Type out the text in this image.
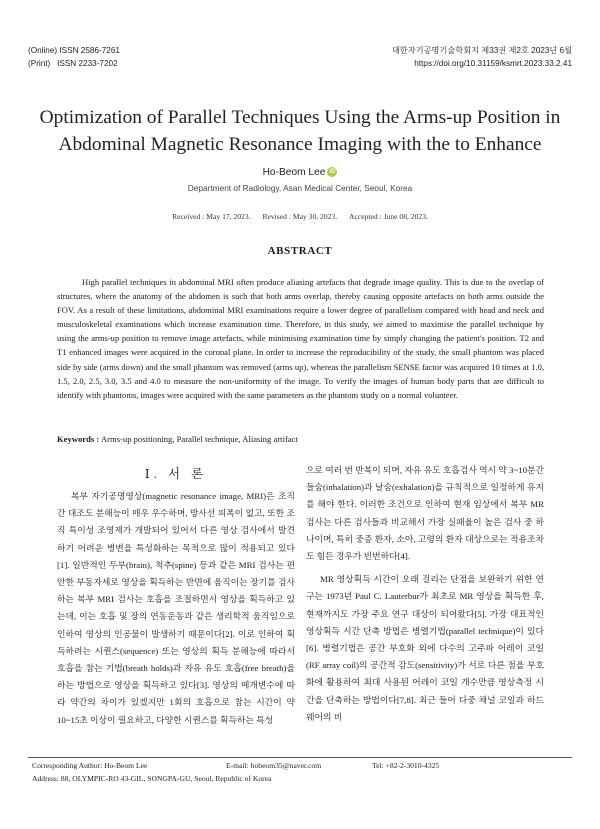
(Online) ISSN 2586-7261
(Print)   ISSN 2233-7202
대한자기공명기술학회지 제33권 제2호 2023년 6월
https://doi.org/10.31159/ksmrt.2023.33.2.41
Optimization of Parallel Techniques Using the Arms-up Position in
Abdominal Magnetic Resonance Imaging with the to Enhance
Ho-Beom Lee iD
Department of Radiology, Asan Medical Center, Seoul, Korea
Received : May 17, 2023. Revised : May 30, 2023. Accepted : June 08, 2023.
ABSTRACT

High parallel techniques in abdominal MRI often produce aliasing artefacts that degrade image quality. This is due to the overlap of structures, where the anatomy of the abdomen is such that both arms overlap, thereby causing opposite artefacts on both arms outside the FOV. As a result of these limitations, abdominal MRI examinations require a lower degree of parallelism compared with head and neck and musculoskeletal examinations which increase examination time. Therefore, in this study, we aimed to maximise the parallel technique by using the arms-up position to remove image artefacts, while minimising examination time by simply changing the patient's position. T2 and T1 enhanced images were acquired in the coronal plane. In order to increase the reproducibility of the study, the small phantom was placed side by side (arms down) and the small phantom was removed (arms up), whereas the parallelism SENSE factor was acquired 10 times at 1.0, 1.5, 2.0, 2.5, 3.0, 3.5 and 4.0 to measure the non-uniformity of the image. To verify the images of human body parts that are difficult to identify with phantoms, images were acquired with the same parameters as the phantom study on a normal volunteer.

Keywords : Arms-up positioning, Parallel technique, Aliasing artifact
Ⅰ. 서 론

복부 자기공명영상(magnetic resonance image, MRI)은 조직 간 대조도 분해능이 매우 우수하며, 방사선 피폭이 없고, 또한 조직 특이성 조영제가 개발되어 있어서 다른 영상 검사에서 발견하기 어려운 병변을 특성화하는 목적으로 많이 적용되고 있다[1]. 일반적인 두부(brain), 척추(spine) 등과 같은 MRI 검사는 편안한 부동자세로 영상을 획득하는 반면에 움직이는 장기를 검사하는 복부 MRI 검사는 호흡을 조절하면서 영상을 획득하고 있는데, 이는 호흡 및 장의 연동운동과 같은 생리학적 움직임으로 인하여 영상의 인공물이 발생하기 때문이다[2]. 이로 인하여 획득하려는 시퀀스(sequence) 또는 영상의 획득 분해능에 따라서 호흡을 참는 기법(breath holds)과 자유 유도 호흡(free breath)을 하는 방법으로 영상을 획득하고 있다[3]. 영상의 메개변수에 따라 약간의 차이가 있겠지만 1회의 호흡으로 참는 시간이 약 10~15초 이상이 필요하고, 다양한 시퀀스를 획득하는 특성

으로 여러 번 반복이 되며, 자유 유도 호흡검사 역시 약 3~10분간 들숨(inhalation)과 날숨(exhalation)을 규칙적으로 일정하게 유지를 해야 한다. 이러한 조건으로 인하여 현재 임상에서 복부 MR 검사는 다른 검사들과 비교해서 가장 실패율이 높은 검사 중 하나이며, 특히 중증 환자, 소아, 고령의 환자 대상으로는 적용조차도 힘든 경우가 빈번하다[4].

MR 영상획득 시간이 오래 걸리는 단점을 보완하기 위한 연구는 1973년 Paul C. Lauterbur가 최초로 MR 영상을 획득한 후, 현재까지도 가장 주요 연구 대상이 되어왔다[5]. 가장 대표적인 영상획득 시간 단축 방법은 병렬기법(parallel technique)이 있다[6]. 병렬기법은 공간 부호화 외에 다수의 고주파 어레이 코일(RF array coil)의 공간적 감도(sensitivity)가 서로 다른 점을 부호화에 활용하여 최대 사용된 어레이 코일 개수만큼 영상측정 시간을 단축하는 방법이다[7,8]. 최근 들어 다중 채널 코일과 하드웨어의 비

Corresponding Author: Ho-Beom Lee	E-mail: hobeom35@naver.com	Tel: +82-2-3010-4325
Address: 88, OLYMPIC-RO 43-GIL, SONGPA-GU, Seoul, Republic of Korea
